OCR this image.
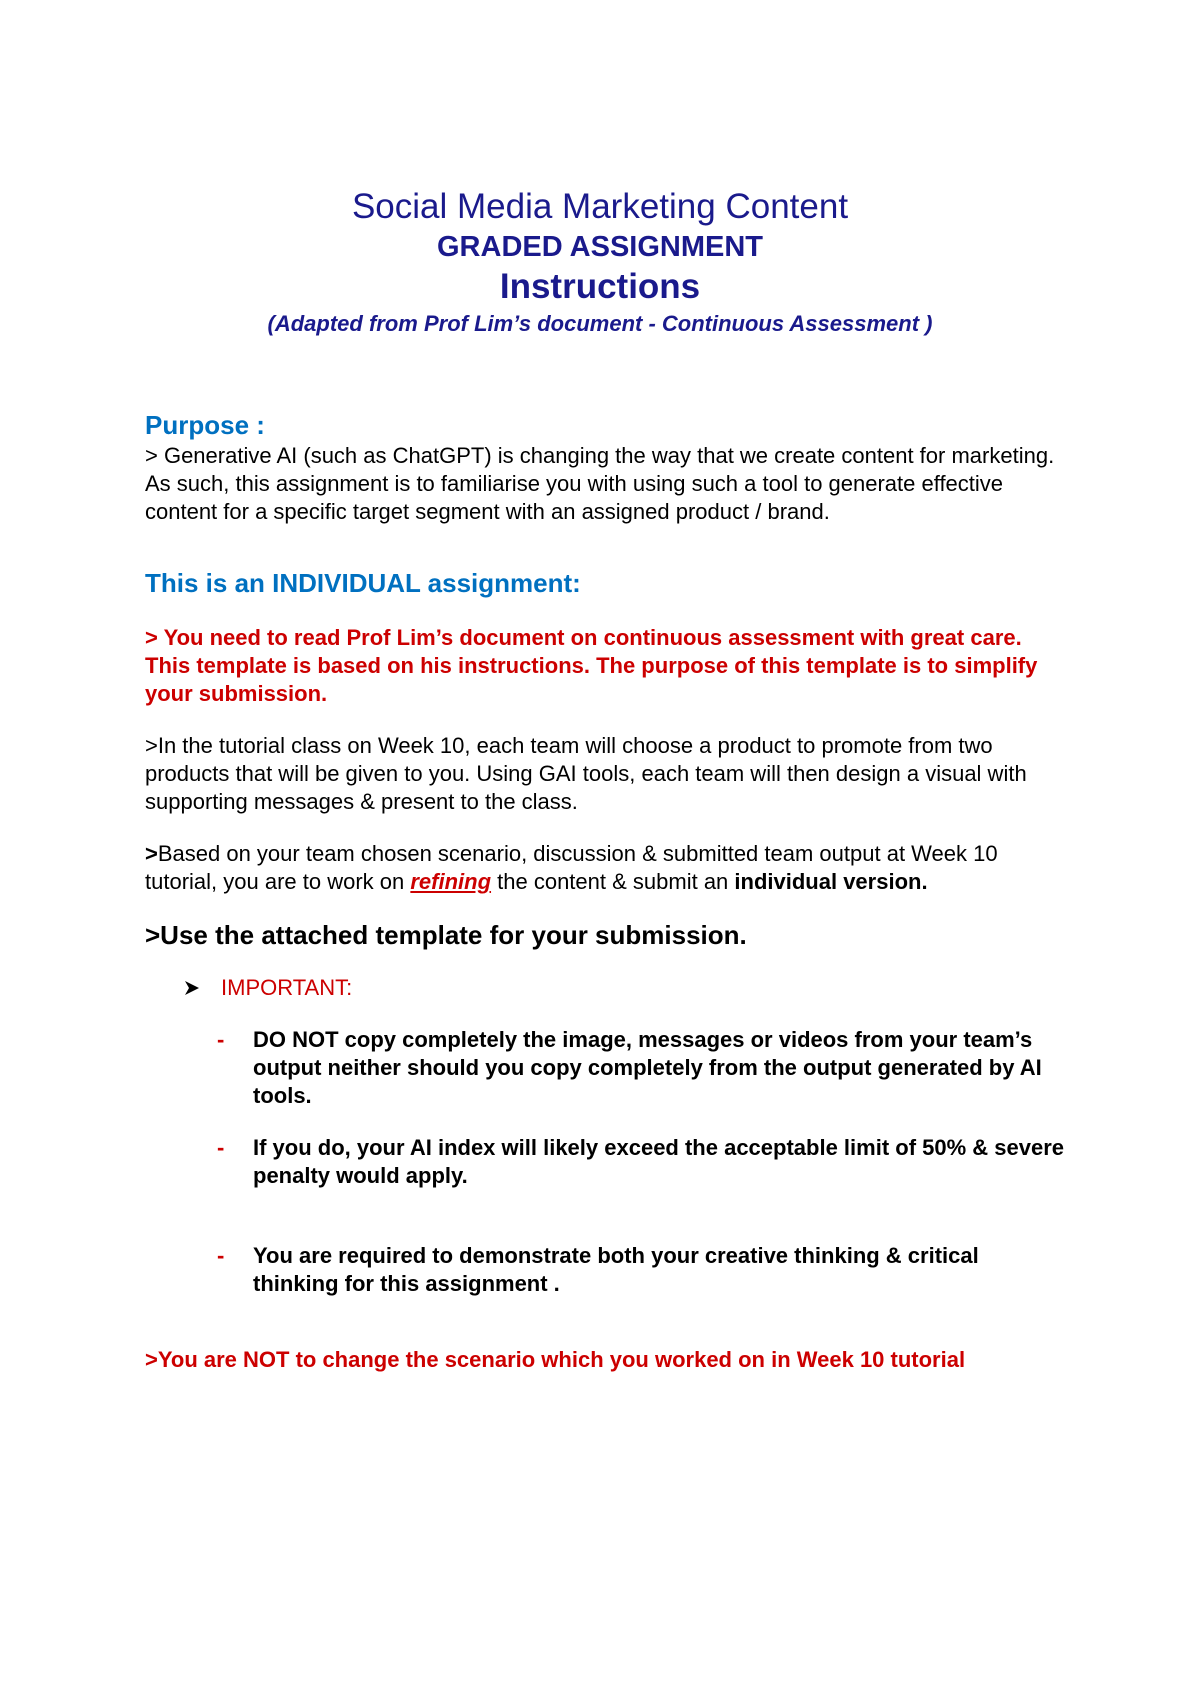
Social Media Marketing Content

GRADED ASSIGNMENT

Instructions

(Adapted from Prof Lim’s document - Continuous Assessment )

Purpose :

> Generative AI (such as ChatGPT) is changing the way that we create content for marketing. As such, this assignment is to familiarise you with using such a tool to generate effective content for a specific target segment with an assigned product / brand.

This is an INDIVIDUAL assignment:

> You need to read Prof Lim’s document on continuous assessment with great care. This template is based on his instructions. The purpose of this template is to simplify your submission.

>In the tutorial class on Week 10, each team will choose a product to promote from two products that will be given to you. Using GAI tools, each team will then design a visual with supporting messages & present to the class.

>Based on your team chosen scenario, discussion & submitted team output at Week 10 tutorial, you are to work on refining the content & submit an individual version.

>Use the attached template for your submission.

IMPORTANT:

-	DO NOT copy completely the image, messages or videos from your team’s output neither should you copy completely from the output generated by AI tools.
-	If you do, your AI index will likely exceed the acceptable limit of 50% & severe penalty would apply.
-	You are required to demonstrate both your creative thinking & critical thinking for this assignment .

>You are NOT to change the scenario which you worked on in Week 10 tutorial
